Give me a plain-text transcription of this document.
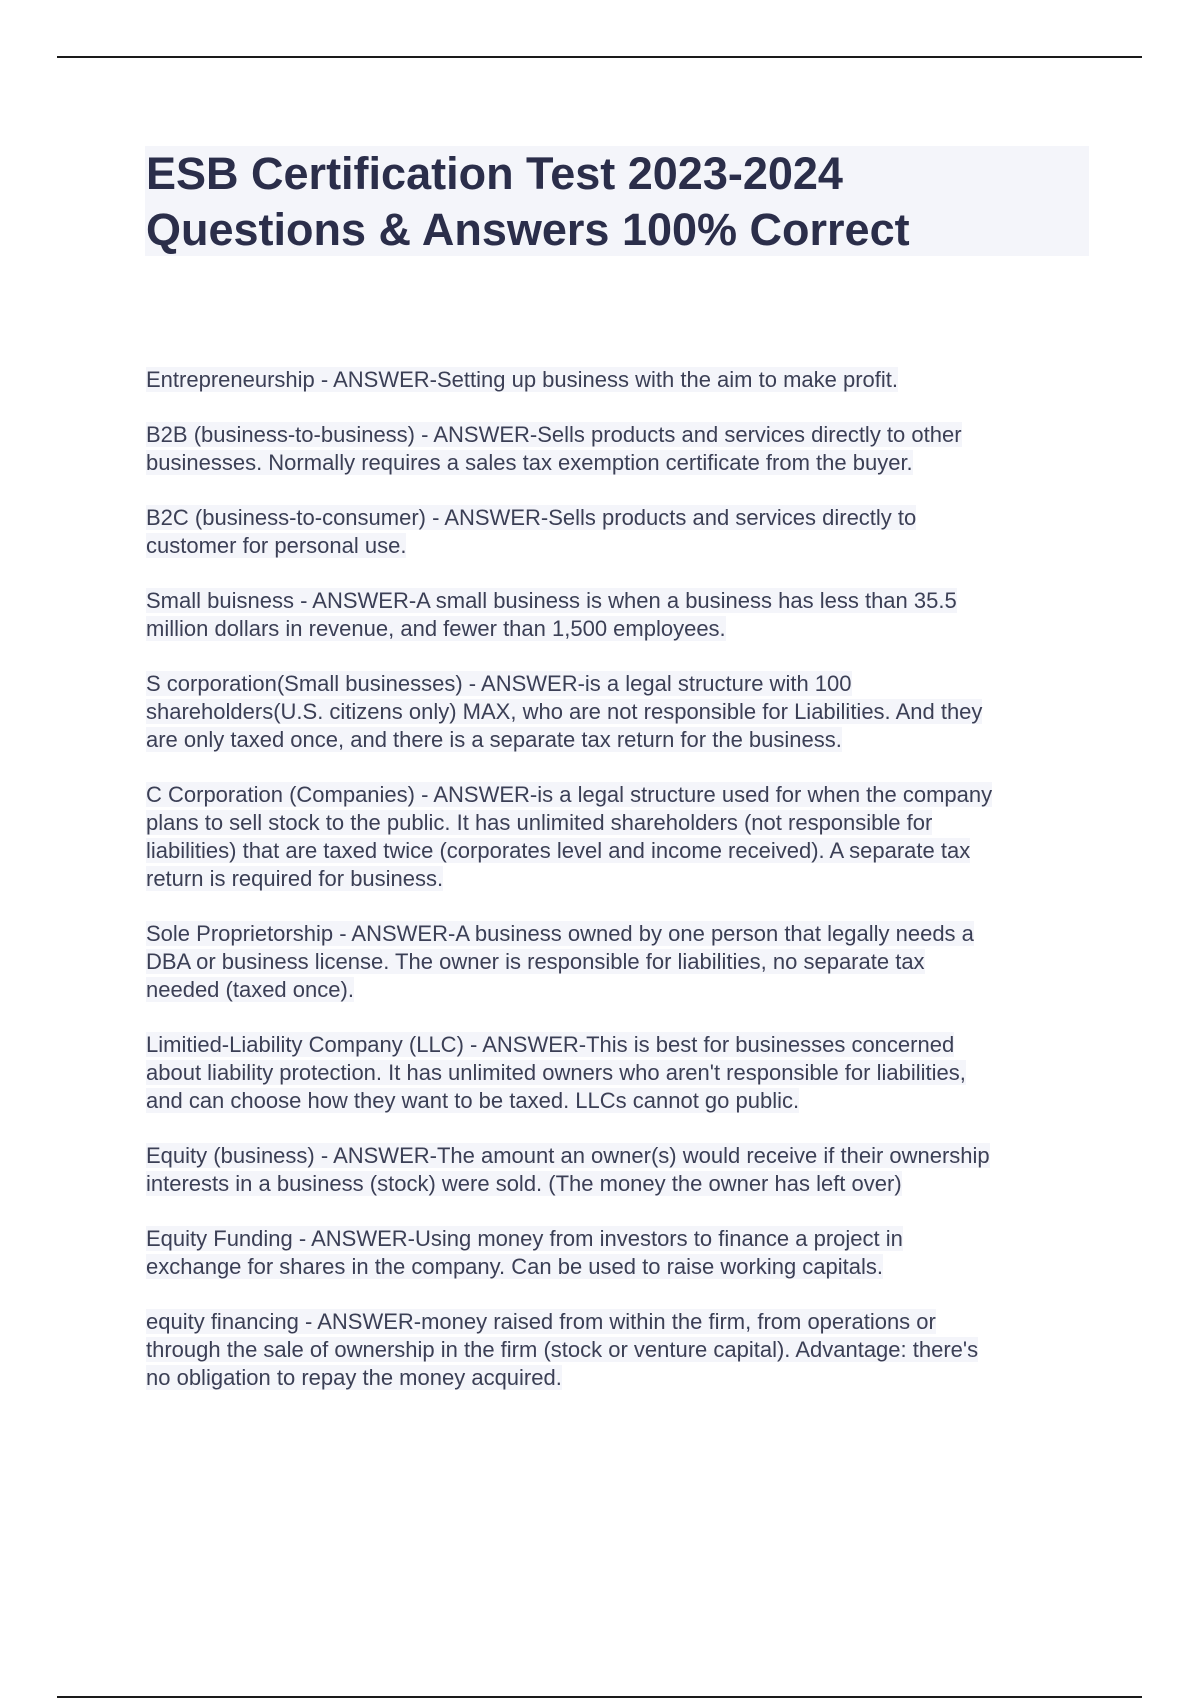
ESB Certification Test 2023-2024
Questions & Answers 100% Correct
Entrepreneurship - ANSWER-Setting up business with the aim to make profit.
B2B (business-to-business) - ANSWER-Sells products and services directly to other
businesses. Normally requires a sales tax exemption certificate from the buyer.
B2C (business-to-consumer) - ANSWER-Sells products and services directly to
customer for personal use.
Small buisness - ANSWER-A small business is when a business has less than 35.5
million dollars in revenue, and fewer than 1,500 employees.
S corporation(Small businesses) - ANSWER-is a legal structure with 100
shareholders(U.S. citizens only) MAX, who are not responsible for Liabilities. And they
are only taxed once, and there is a separate tax return for the business.
C Corporation (Companies) - ANSWER-is a legal structure used for when the company
plans to sell stock to the public. It has unlimited shareholders (not responsible for
liabilities) that are taxed twice (corporates level and income received). A separate tax
return is required for business.
Sole Proprietorship - ANSWER-A business owned by one person that legally needs a
DBA or business license. The owner is responsible for liabilities, no separate tax
needed (taxed once).
Limitied-Liability Company (LLC) - ANSWER-This is best for businesses concerned
about liability protection. It has unlimited owners who aren't responsible for liabilities,
and can choose how they want to be taxed. LLCs cannot go public.
Equity (business) - ANSWER-The amount an owner(s) would receive if their ownership
interests in a business (stock) were sold. (The money the owner has left over)
Equity Funding - ANSWER-Using money from investors to finance a project in
exchange for shares in the company. Can be used to raise working capitals.
equity financing - ANSWER-money raised from within the firm, from operations or
through the sale of ownership in the firm (stock or venture capital). Advantage: there's
no obligation to repay the money acquired.
